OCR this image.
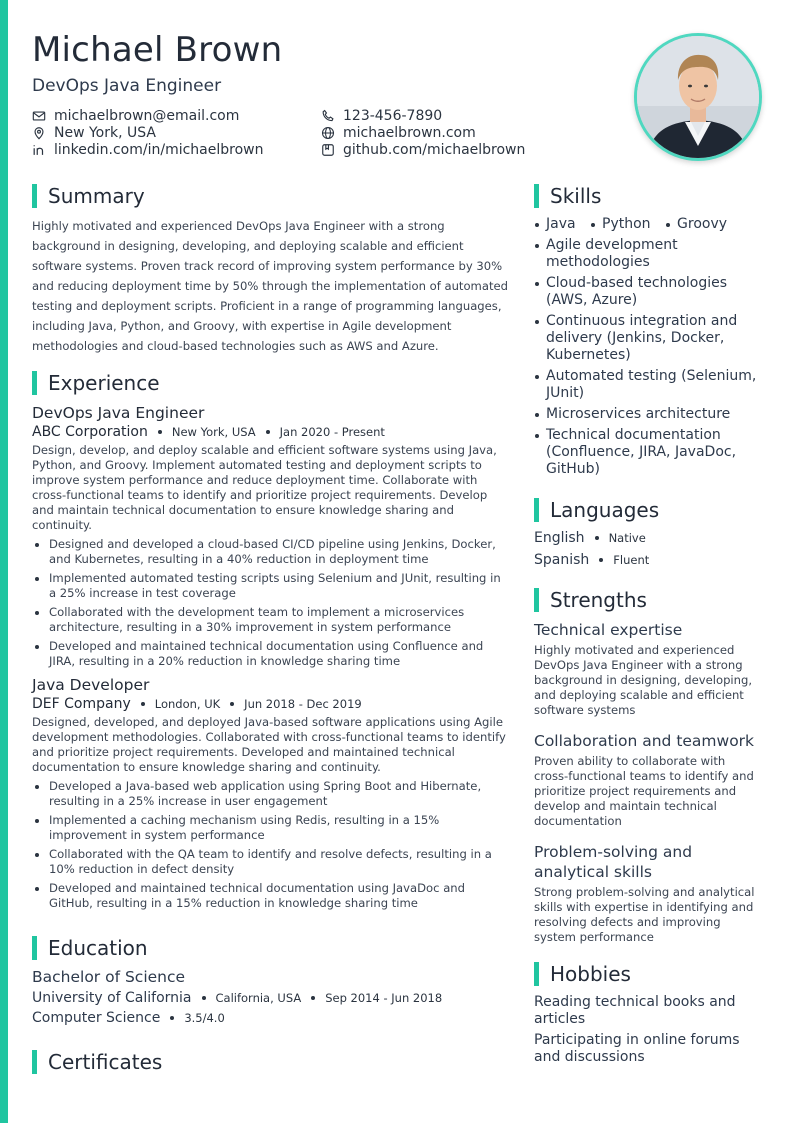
Michael Brown
DevOps Java Engineer
michaelbrown@email.com
New York, USA
linkedin.com/in/michaelbrown
123-456-7890
michaelbrown.com
github.com/michaelbrown
Summary

Highly motivated and experienced DevOps Java Engineer with a strong background in designing, developing, and deploying scalable and efficient software systems. Proven track record of improving system performance by 30% and reducing deployment time by 50% through the implementation of automated testing and deployment scripts. Proficient in a range of programming languages, including Java, Python, and Groovy, with expertise in Agile development methodologies and cloud-based technologies such as AWS and Azure.

Experience
DevOps Java Engineer
ABC Corporation New York, USA Jan 2020 - Present

Design, develop, and deploy scalable and efficient software systems using Java, Python, and Groovy. Implement automated testing and deployment scripts to improve system performance and reduce deployment time. Collaborate with cross-functional teams to identify and prioritize project requirements. Develop and maintain technical documentation to ensure knowledge sharing and continuity.

Designed and developed a cloud-based CI/CD pipeline using Jenkins, Docker, and Kubernetes, resulting in a 40% reduction in deployment time
Implemented automated testing scripts using Selenium and JUnit, resulting in a 25% increase in test coverage
Collaborated with the development team to implement a microservices architecture, resulting in a 30% improvement in system performance
Developed and maintained technical documentation using Confluence and JIRA, resulting in a 20% reduction in knowledge sharing time
Java Developer
DEF Company London, UK Jun 2018 - Dec 2019

Designed, developed, and deployed Java-based software applications using Agile development methodologies. Collaborated with cross-functional teams to identify and prioritize project requirements. Developed and maintained technical documentation to ensure knowledge sharing and continuity.

Developed a Java-based web application using Spring Boot and Hibernate, resulting in a 25% increase in user engagement
Implemented a caching mechanism using Redis, resulting in a 15% improvement in system performance
Collaborated with the QA team to identify and resolve defects, resulting in a 10% reduction in defect density
Developed and maintained technical documentation using JavaDoc and GitHub, resulting in a 15% reduction in knowledge sharing time
Education
Bachelor of Science
University of California California, USA Sep 2014 - Jun 2018
Computer Science 3.5/4.0
Certificates
Skills
Java Python Groovy
Agile development methodologies
Cloud-based technologies (AWS, Azure)
Continuous integration and delivery (Jenkins, Docker, Kubernetes)
Automated testing (Selenium, JUnit)
Microservices architecture
Technical documentation (Confluence, JIRA, JavaDoc, GitHub)
Languages
English Native
Spanish Fluent
Strengths
Technical expertise

Highly motivated and experienced DevOps Java Engineer with a strong background in designing, developing, and deploying scalable and efficient software systems

Collaboration and teamwork

Proven ability to collaborate with cross-functional teams to identify and prioritize project requirements and develop and maintain technical documentation

Problem-solving and analytical skills

Strong problem-solving and analytical skills with expertise in identifying and resolving defects and improving system performance

Hobbies
Reading technical books and articles
Participating in online forums and discussions
